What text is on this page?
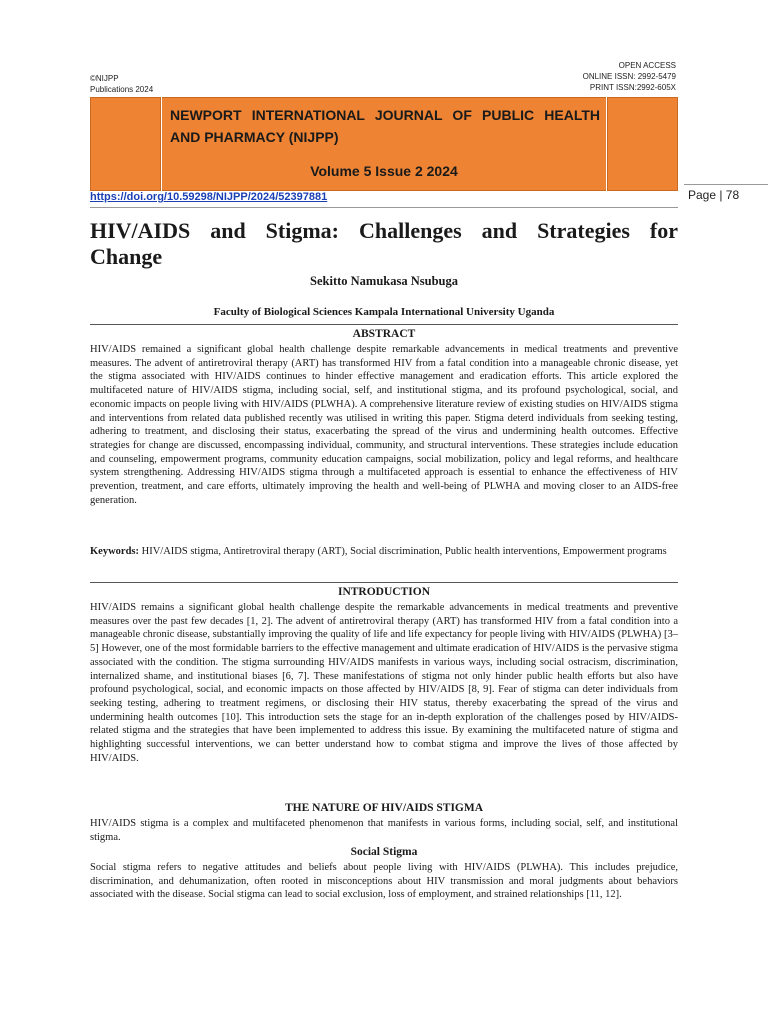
©NIJPP
Publications 2024
OPEN ACCESS
ONLINE ISSN: 2992-5479
PRINT ISSN:2992-605X
NEWPORT INTERNATIONAL JOURNAL OF PUBLIC HEALTH AND PHARMACY (NIJPP)
Volume 5 Issue 2 2024
https://doi.org/10.59298/NIJPP/2024/52397881	Page | 78
HIV/AIDS and Stigma: Challenges and Strategies for Change
Sekitto Namukasa Nsubuga
Faculty of Biological Sciences Kampala International University Uganda
ABSTRACT

HIV/AIDS remained a significant global health challenge despite remarkable advancements in medical treatments and preventive measures. The advent of antiretroviral therapy (ART) has transformed HIV from a fatal condition into a manageable chronic disease, yet the stigma associated with HIV/AIDS continues to hinder effective management and eradication efforts. This article explored the multifaceted nature of HIV/AIDS stigma, including social, self, and institutional stigma, and its profound psychological, social, and economic impacts on people living with HIV/AIDS (PLWHA). A comprehensive literature review of existing studies on HIV/AIDS stigma and interventions from related data published recently was utilised in writing this paper. Stigma deterd individuals from seeking testing, adhering to treatment, and disclosing their status, exacerbating the spread of the virus and undermining health outcomes. Effective strategies for change are discussed, encompassing individual, community, and structural interventions. These strategies include education and counseling, empowerment programs, community education campaigns, social mobilization, policy and legal reforms, and healthcare system strengthening. Addressing HIV/AIDS stigma through a multifaceted approach is essential to enhance the effectiveness of HIV prevention, treatment, and care efforts, ultimately improving the health and well-being of PLWHA and moving closer to an AIDS-free generation.

Keywords: HIV/AIDS stigma, Antiretroviral therapy (ART), Social discrimination, Public health interventions, Empowerment programs

INTRODUCTION

HIV/AIDS remains a significant global health challenge despite the remarkable advancements in medical treatments and preventive measures over the past few decades [1, 2]. The advent of antiretroviral therapy (ART) has transformed HIV from a fatal condition into a manageable chronic disease, substantially improving the quality of life and life expectancy for people living with HIV/AIDS (PLWHA) [3–5] However, one of the most formidable barriers to the effective management and ultimate eradication of HIV/AIDS is the pervasive stigma associated with the condition. The stigma surrounding HIV/AIDS manifests in various ways, including social ostracism, discrimination, internalized shame, and institutional biases [6, 7]. These manifestations of stigma not only hinder public health efforts but also have profound psychological, social, and economic impacts on those affected by HIV/AIDS [8, 9]. Fear of stigma can deter individuals from seeking testing, adhering to treatment regimens, or disclosing their HIV status, thereby exacerbating the spread of the virus and undermining health outcomes [10]. This introduction sets the stage for an in-depth exploration of the challenges posed by HIV/AIDS-related stigma and the strategies that have been implemented to address this issue. By examining the multifaceted nature of stigma and highlighting successful interventions, we can better understand how to combat stigma and improve the lives of those affected by HIV/AIDS.

THE NATURE OF HIV/AIDS STIGMA

HIV/AIDS stigma is a complex and multifaceted phenomenon that manifests in various forms, including social, self, and institutional stigma.

Social Stigma

Social stigma refers to negative attitudes and beliefs about people living with HIV/AIDS (PLWHA). This includes prejudice, discrimination, and dehumanization, often rooted in misconceptions about HIV transmission and moral judgments about behaviors associated with the disease. Social stigma can lead to social exclusion, loss of employment, and strained relationships [11, 12].
